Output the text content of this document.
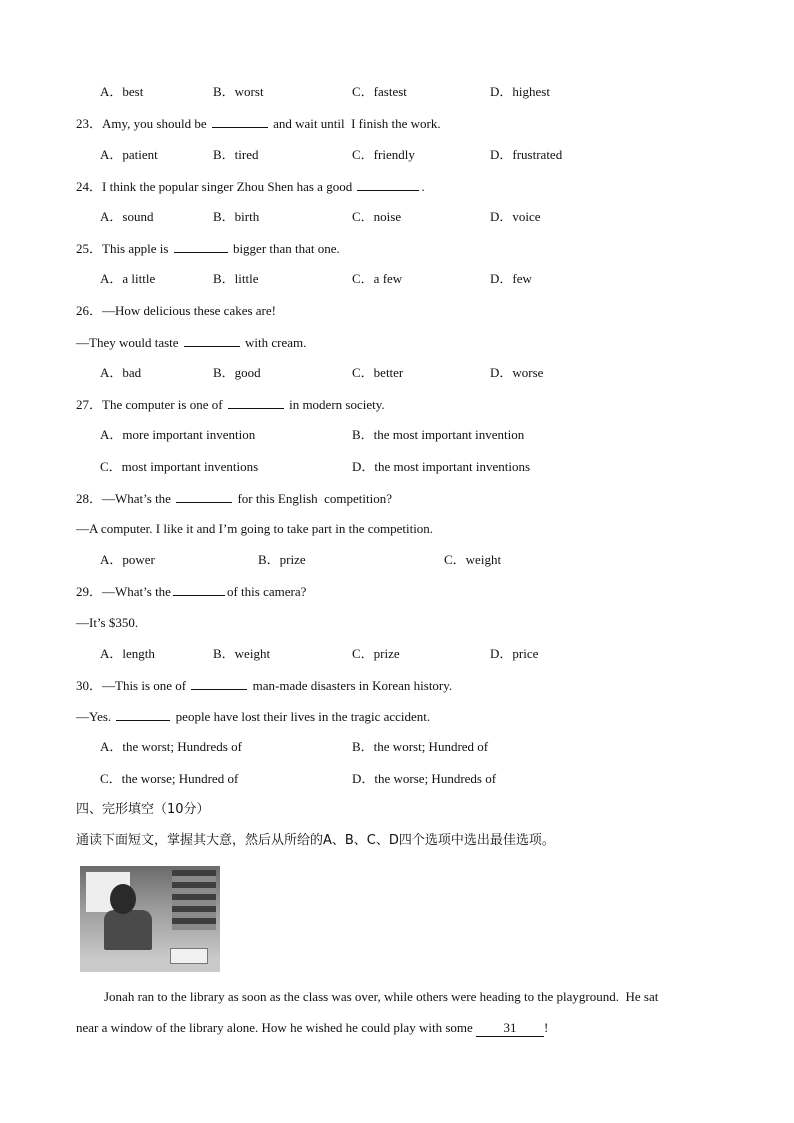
A．best	B．worst	C．fastest	D．highest
23．Amy, you should be	and wait until  I finish the work.
A．patient	B．tired	C．friendly	D．frustrated
24．I think the popular singer Zhou Shen has a good	.
A．sound	B．birth	C．noise	D．voice
25．This apple is	bigger than that one.
A．a little	B．little	C．a few	D．few
26．—How delicious these cakes are!
—They would taste	with cream.
A．bad	B．good	C．better	D．worse
27．The computer is one of	in modern society.
A．more important invention	B．the most important invention
C．most important inventions	D．the most important inventions
28．—What’s the	for this English  competition?
—A computer. I like it and I’m going to take part in the competition.
A．power	B．prize	C．weight
29．—What’s the	of this camera?
—It’s $350.
A．length	B．weight	C．prize	D．price
30．—This is one of	man-made disasters in Korean history.
—Yes.	people have lost their lives in the tragic accident.
A．the worst; Hundreds of	B．the worst; Hundred of
C．the worse; Hundred of	D．the worse; Hundreds of
四、完形填空（10分）
通读下面短文，掌握其大意，然后从所给的A、B、C、D四个选项中选出最佳选项。
Jonah ran to the library as soon as the class was over, while others were heading to the playground.  He sat
near a window of the library alone. How he wished he could play with some 31 !
